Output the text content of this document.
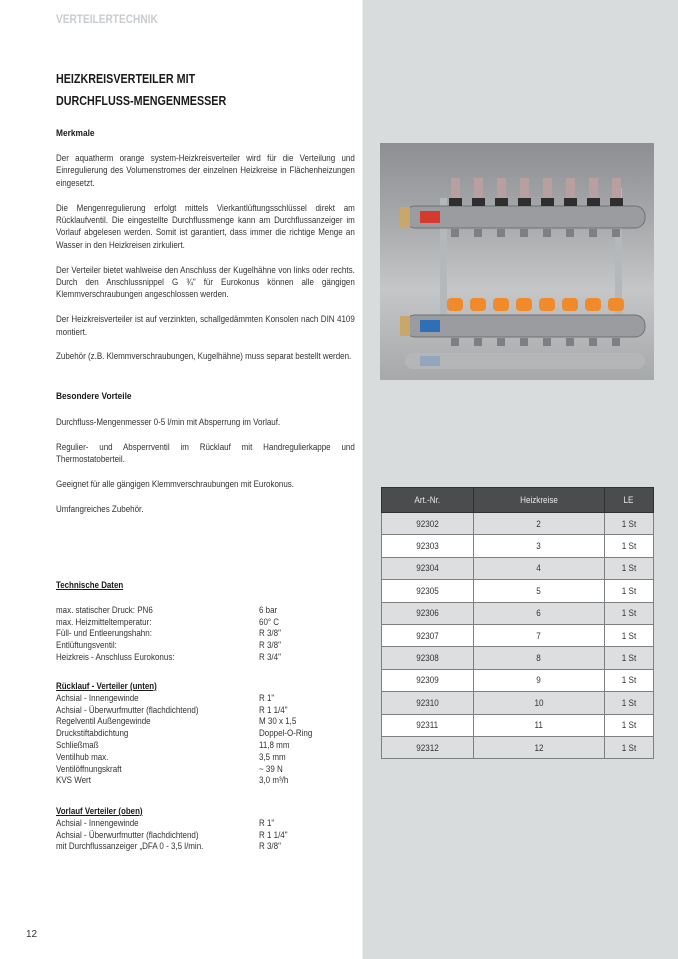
VERTEILERTECHNIK
HEIZKREISVERTEILER MIT
DURCHFLUSS-MENGENMESSER
Merkmale

Der aquatherm orange system-Heizkreisverteiler wird für die Verteilung und Einregulierung des Volumenstromes der einzelnen Heizkreise in Flächenheizungen eingesetzt.

Die Mengenregulierung erfolgt mittels Vierkantlüftungsschlüssel direkt am Rücklaufventil. Die eingestellte Durchflussmenge kann am Durchflussanzeiger im Vorlauf abgelesen werden. Somit ist garantiert, dass immer die richtige Menge an Wasser in den Heizkreisen zirkuliert.

Der Verteiler bietet wahlweise den Anschluss der Kugelhähne von links oder rechts. Durch den Anschlussnippel G ¾" für Eurokonus können alle gängigen Klemmverschraubungen angeschlossen werden.

Der Heizkreisverteiler ist auf verzinkten, schallgedämmten Konsolen nach DIN 4109 montiert.

Zubehör (z.B. Klemmverschraubungen, Kugelhähne) muss separat bestellt werden.

Besondere Vorteile

Durchfluss-Mengenmesser 0-5 l/min mit Absperrung im Vorlauf.

Regulier- und Absperrventil im Rücklauf mit Handregulierkappe und Thermostatoberteil.

Geeignet für alle gängigen Klemmverschraubungen mit Eurokonus.

Umfangreiches Zubehör.

Technische Daten
max. statischer Druck: PN6	6 bar
max. Heizmitteltemperatur:	60° C
Füll- und Entleerungshahn:	R 3/8"
Entlüftungsventil:	R 3/8"
Heizkreis - Anschluss Eurokonus:	R 3/4"
Rücklauf - Verteiler (unten)
Achsial - Innengewinde	R 1"
Achsial - Überwurfmutter (flachdichtend)	R 1 1/4"
Regelventil Außengewinde	M 30 x 1,5
Druckstiftabdichtung	Doppel-O-Ring
Schließmaß	11,8 mm
Ventilhub max.	3,5 mm
Ventilöffnungskraft	~ 39 N
KVS Wert	3,0 m³/h
Vorlauf Verteiler (oben)
Achsial - Innengewinde	R 1"
Achsial - Überwurfmutter (flachdichtend)	R 1 1/4"
mit Durchflussanzeiger „DFA 0 - 3,5 l/min.	R 3/8"
Art.-Nr.	Heizkreise	LE
92302	2	1 St
92303	3	1 St
92304	4	1 St
92305	5	1 St
92306	6	1 St
92307	7	1 St
92308	8	1 St
92309	9	1 St
92310	10	1 St
92311	11	1 St
92312	12	1 St
12
